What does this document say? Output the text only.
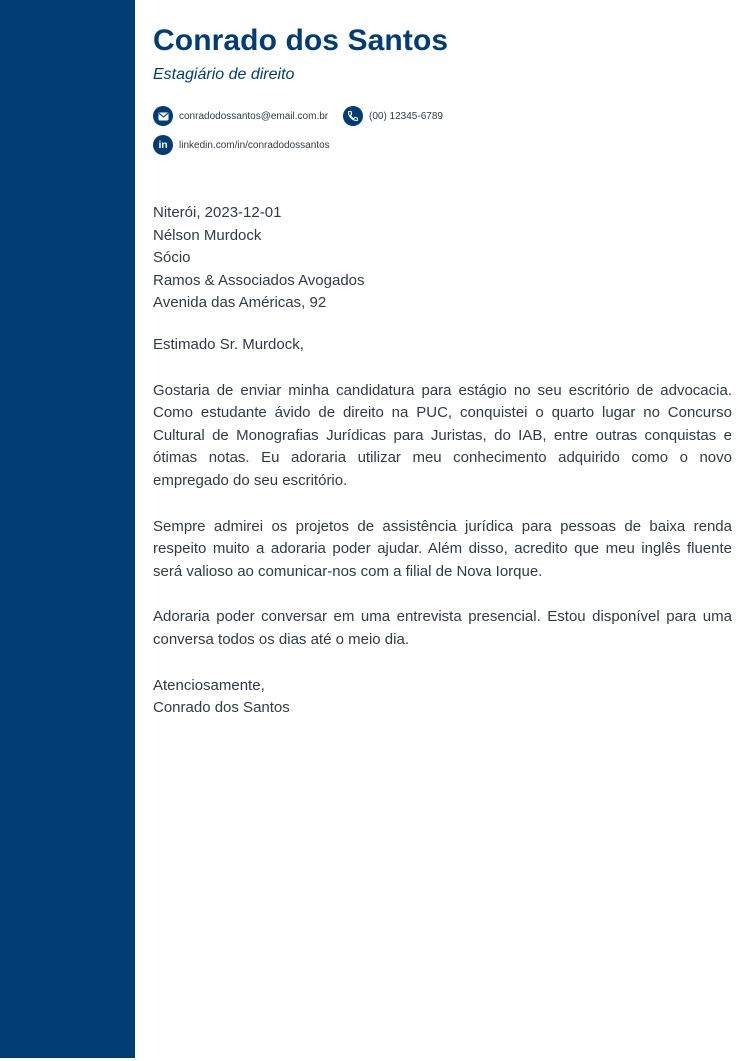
Conrado dos Santos
Estagiário de direito
conradodossantos@email.com.br	(00) 12345-6789
in linkedin.com/in/conradodossantos
Niterói, 2023-12-01
Nélson Murdock
Sócio
Ramos & Associados Avogados
Avenida das Américas, 92
Estimado Sr. Murdock,

Gostaria de enviar minha candidatura para estágio no seu escritório de advocacia. Como estudante ávido de direito na PUC, conquistei o quarto lugar no Concurso Cultural de Monografias Jurídicas para Juristas, do IAB, entre outras conquistas e ótimas notas. Eu adoraria utilizar meu conhecimento adquirido como o novo empregado do seu escritório.

Sempre admirei os projetos de assistência jurídica para pessoas de baixa renda respeito muito a adoraria poder ajudar. Além disso, acredito que meu inglês fluente será valioso ao comunicar-nos com a filial de Nova Iorque.

Adoraria poder conversar em uma entrevista presencial. Estou disponível para uma conversa todos os dias até o meio dia.

Atenciosamente,
Conrado dos Santos
